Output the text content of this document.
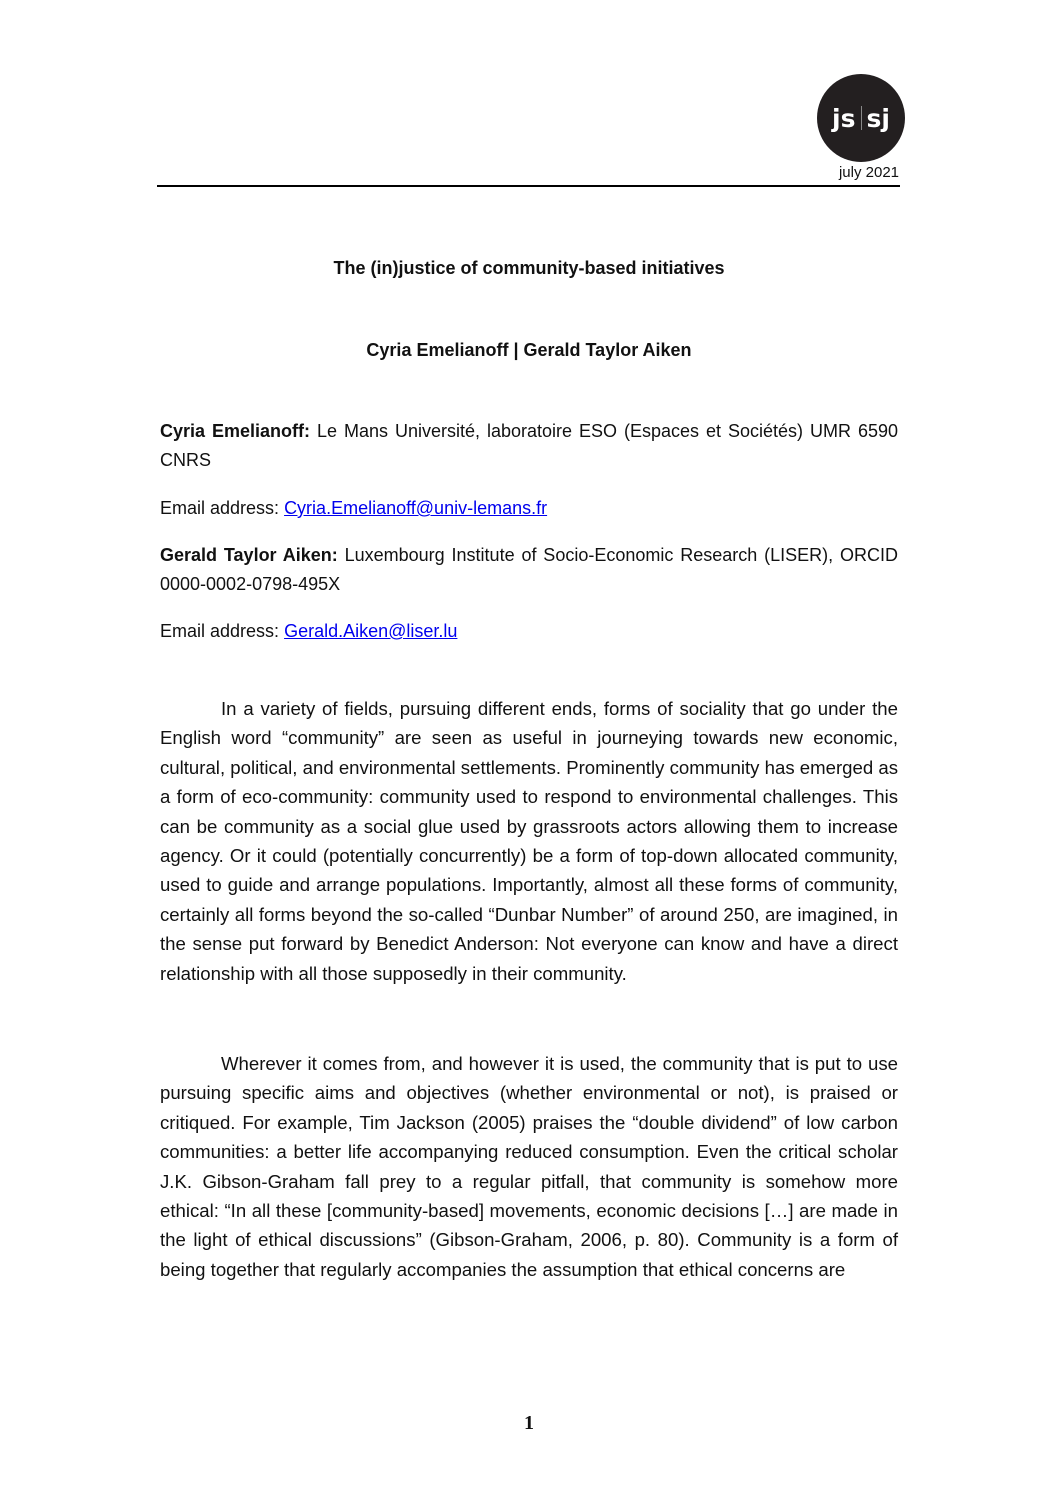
js sj
july 2021
The (in)justice of community-based initiatives
Cyria Emelianoff | Gerald Taylor Aiken
Cyria Emelianoff: Le Mans Université, laboratoire ESO (Espaces et Sociétés) UMR 6590 CNRS
Email address: Cyria.Emelianoff@univ-lemans.fr
Gerald Taylor Aiken: Luxembourg Institute of Socio-Economic Research (LISER), ORCID 0000-0002-0798-495X
Email address: Gerald.Aiken@liser.lu

In a variety of fields, pursuing different ends, forms of sociality that go under the English word “community” are seen as useful in journeying towards new economic, cultural, political, and environmental settlements. Prominently community has emerged as a form of eco-community: community used to respond to environmental challenges. This can be community as a social glue used by grassroots actors allowing them to increase agency. Or it could (potentially concurrently) be a form of top-down allocated community, used to guide and arrange populations. Importantly, almost all these forms of community, certainly all forms beyond the so-called “Dunbar Number” of around 250, are imagined, in the sense put forward by Benedict Anderson: Not everyone can know and have a direct relationship with all those supposedly in their community.

Wherever it comes from, and however it is used, the community that is put to use pursuing specific aims and objectives (whether environmental or not), is praised or critiqued. For example, Tim Jackson (2005) praises the “double dividend” of low carbon communities: a better life accompanying reduced consumption. Even the critical scholar J.K. Gibson-Graham fall prey to a regular pitfall, that community is somehow more ethical: “In all these [community-based] movements, economic decisions […] are made in the light of ethical discussions” (Gibson-Graham, 2006, p. 80). Community is a form of being together that regularly accompanies the assumption that ethical concerns are

1
